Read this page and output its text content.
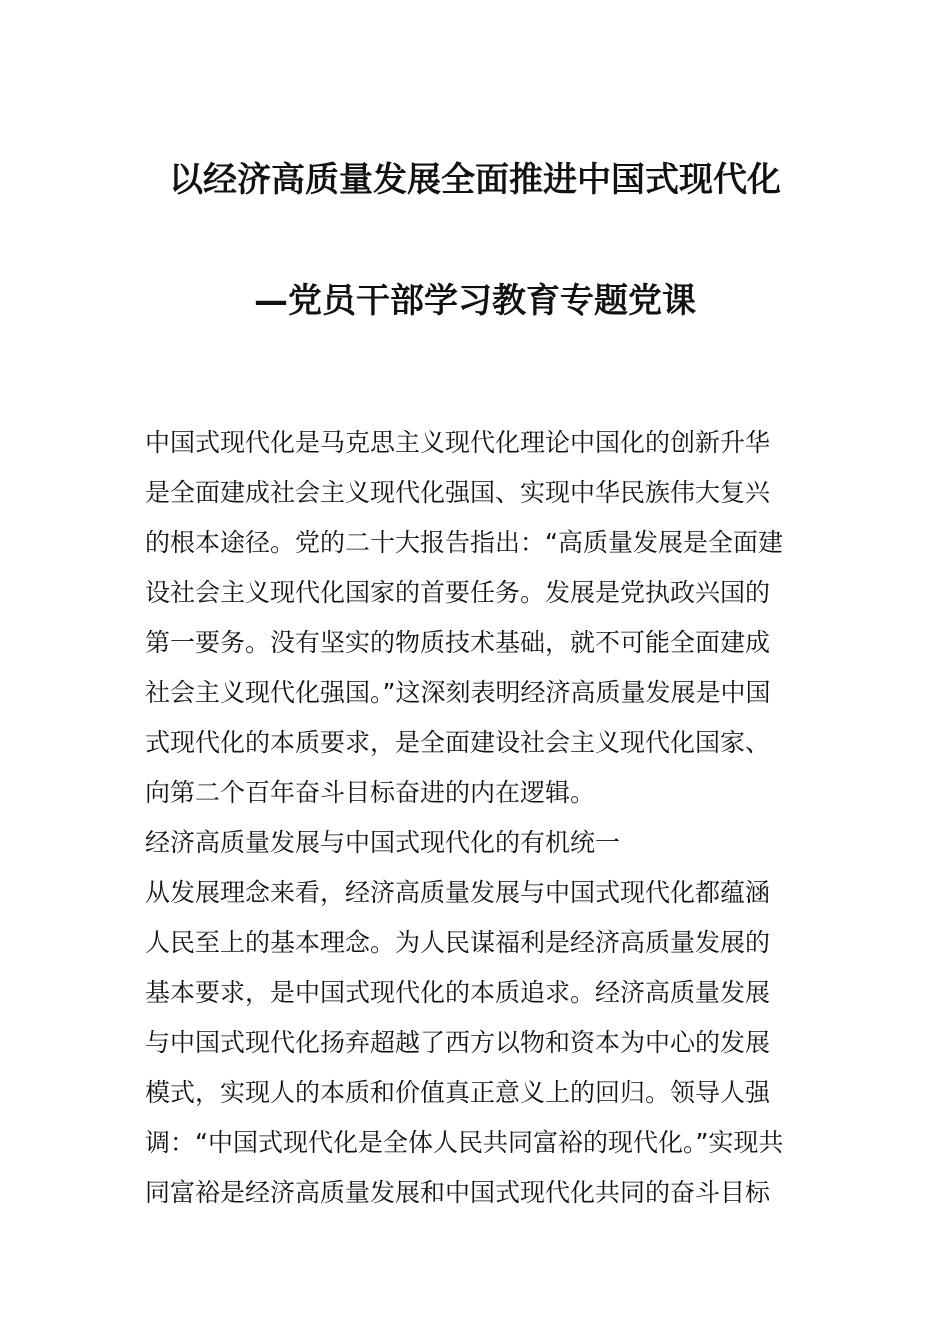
以经济高质量发展全面推进中国式现代化
—党员干部学习教育专题党课
中国式现代化是马克思主义现代化理论中国化的创新升华
是全面建成社会主义现代化强国、实现中华民族伟大复兴
的根本途径。党的二十大报告指出：“高质量发展是全面建
设社会主义现代化国家的首要任务。发展是党执政兴国的
第一要务。没有坚实的物质技术基础，就不可能全面建成
社会主义现代化强国。”这深刻表明经济高质量发展是中国
式现代化的本质要求，是全面建设社会主义现代化国家、
向第二个百年奋斗目标奋进的内在逻辑。
经济高质量发展与中国式现代化的有机统一
从发展理念来看，经济高质量发展与中国式现代化都蕴涵
人民至上的基本理念。为人民谋福利是经济高质量发展的
基本要求，是中国式现代化的本质追求。经济高质量发展
与中国式现代化扬弃超越了西方以物和资本为中心的发展
模式，实现人的本质和价值真正意义上的回归。领导人强
调：“中国式现代化是全体人民共同富裕的现代化。”实现共
同富裕是经济高质量发展和中国式现代化共同的奋斗目标
